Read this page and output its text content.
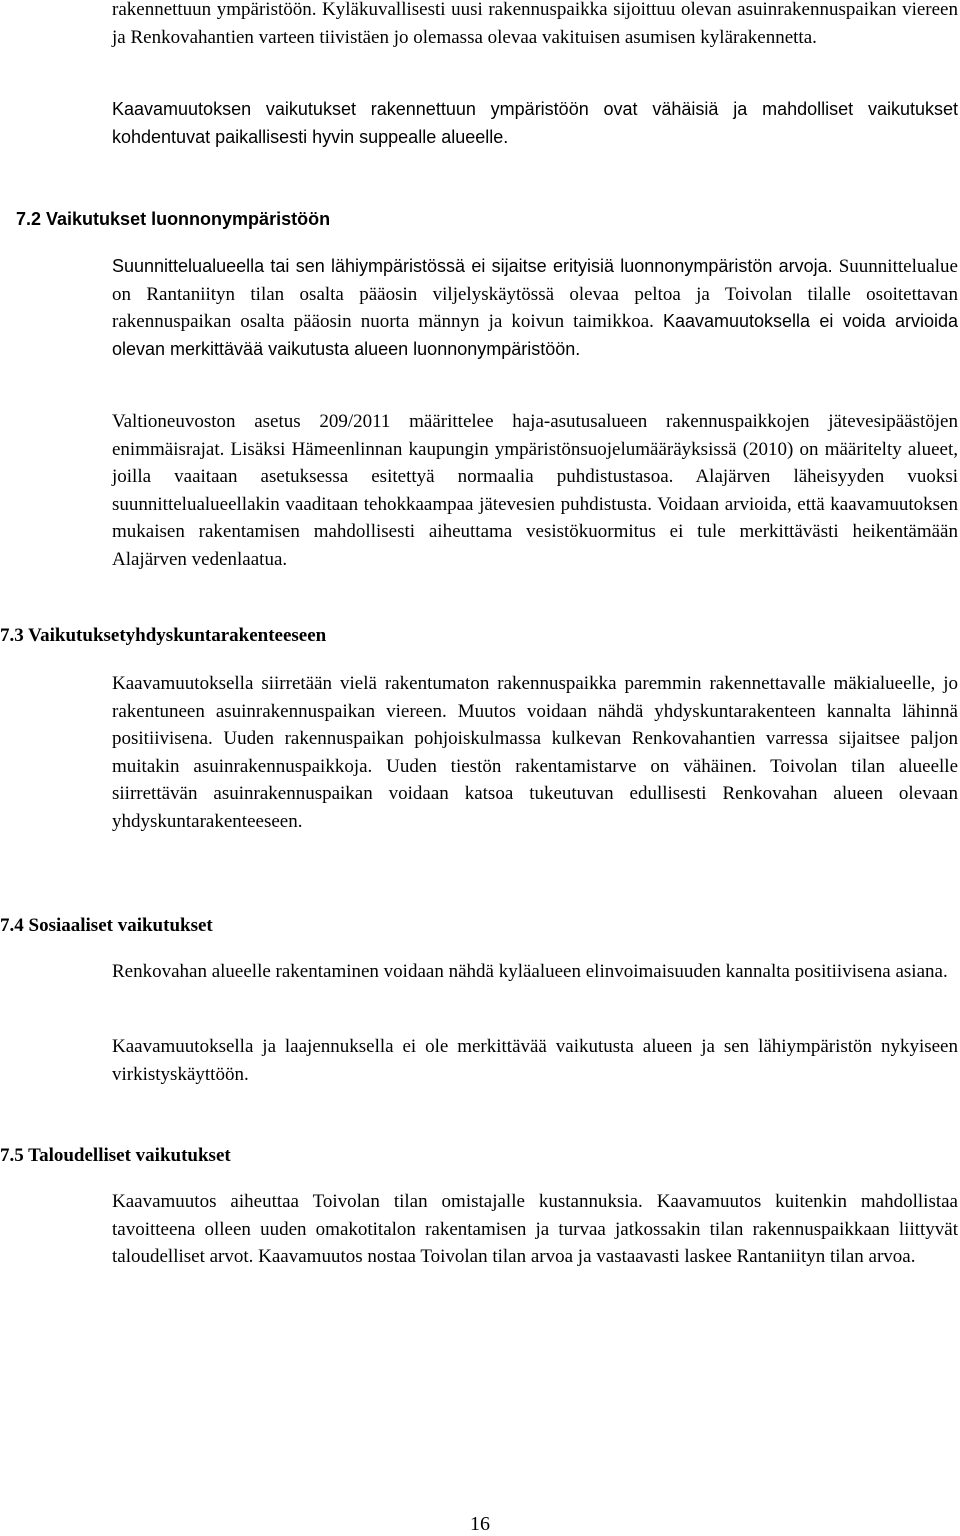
rakennettuun ympäristöön. Kyläkuvallisesti uusi rakennuspaikka sijoittuu olevan asuinrakennuspaikan viereen ja Renkovahantien varteen tiivistäen jo olemassa olevaa vakituisen asumisen kylärakennetta.

Kaavamuutoksen vaikutukset rakennettuun ympäristöön ovat vähäisiä ja mahdolliset vaikutukset kohdentuvat paikallisesti hyvin suppealle alueelle.

7.2 Vaikutukset luonnonympäristöön

Suunnittelualueella tai sen lähiympäristössä ei sijaitse erityisiä luonnonympäristön arvoja. Suunnittelualue on Rantaniityn tilan osalta pääosin viljelyskäytössä olevaa peltoa ja Toivolan tilalle osoitettavan rakennuspaikan osalta pääosin nuorta männyn ja koivun taimikkoa. Kaavamuutoksella ei voida arvioida olevan merkittävää vaikutusta alueen luonnonympäristöön.

Valtioneuvoston asetus 209/2011 määrittelee haja-asutusalueen rakennuspaikkojen jätevesipäästöjen enimmäisrajat. Lisäksi Hämeenlinnan kaupungin ympäristönsuojelumääräyksissä (2010) on määritelty alueet, joilla vaaitaan asetuksessa esitettyä normaalia puhdistustasoa. Alajärven läheisyyden vuoksi suunnittelualueellakin vaaditaan tehokkaampaa jätevesien puhdistusta. Voidaan arvioida, että kaavamuutoksen mukaisen rakentamisen mahdollisesti aiheuttama vesistökuormitus ei tule merkittävästi heikentämään Alajärven vedenlaatua.

7.3 Vaikutuksetyhdyskuntarakenteeseen

Kaavamuutoksella siirretään vielä rakentumaton rakennuspaikka paremmin rakennettavalle mäkialueelle, jo rakentuneen asuinrakennuspaikan viereen. Muutos voidaan nähdä yhdyskuntarakenteen kannalta lähinnä positiivisena. Uuden rakennuspaikan pohjoiskulmassa kulkevan Renkovahantien varressa sijaitsee paljon muitakin asuinrakennuspaikkoja. Uuden tiestön rakentamistarve on vähäinen. Toivolan tilan alueelle siirrettävän asuinrakennuspaikan voidaan katsoa tukeutuvan edullisesti Renkovahan alueen olevaan yhdyskuntarakenteeseen.

7.4 Sosiaaliset vaikutukset

Renkovahan alueelle rakentaminen voidaan nähdä kyläalueen elinvoimaisuuden kannalta positiivisena asiana.

Kaavamuutoksella ja laajennuksella ei ole merkittävää vaikutusta alueen ja sen lähiympäristön nykyiseen virkistyskäyttöön.

7.5 Taloudelliset vaikutukset

Kaavamuutos aiheuttaa Toivolan tilan omistajalle kustannuksia. Kaavamuutos kuitenkin mahdollistaa tavoitteena olleen uuden omakotitalon rakentamisen ja turvaa jatkossakin tilan rakennuspaikkaan liittyvät taloudelliset arvot. Kaavamuutos nostaa Toivolan tilan arvoa ja vastaavasti laskee Rantaniityn tilan arvoa.

16
